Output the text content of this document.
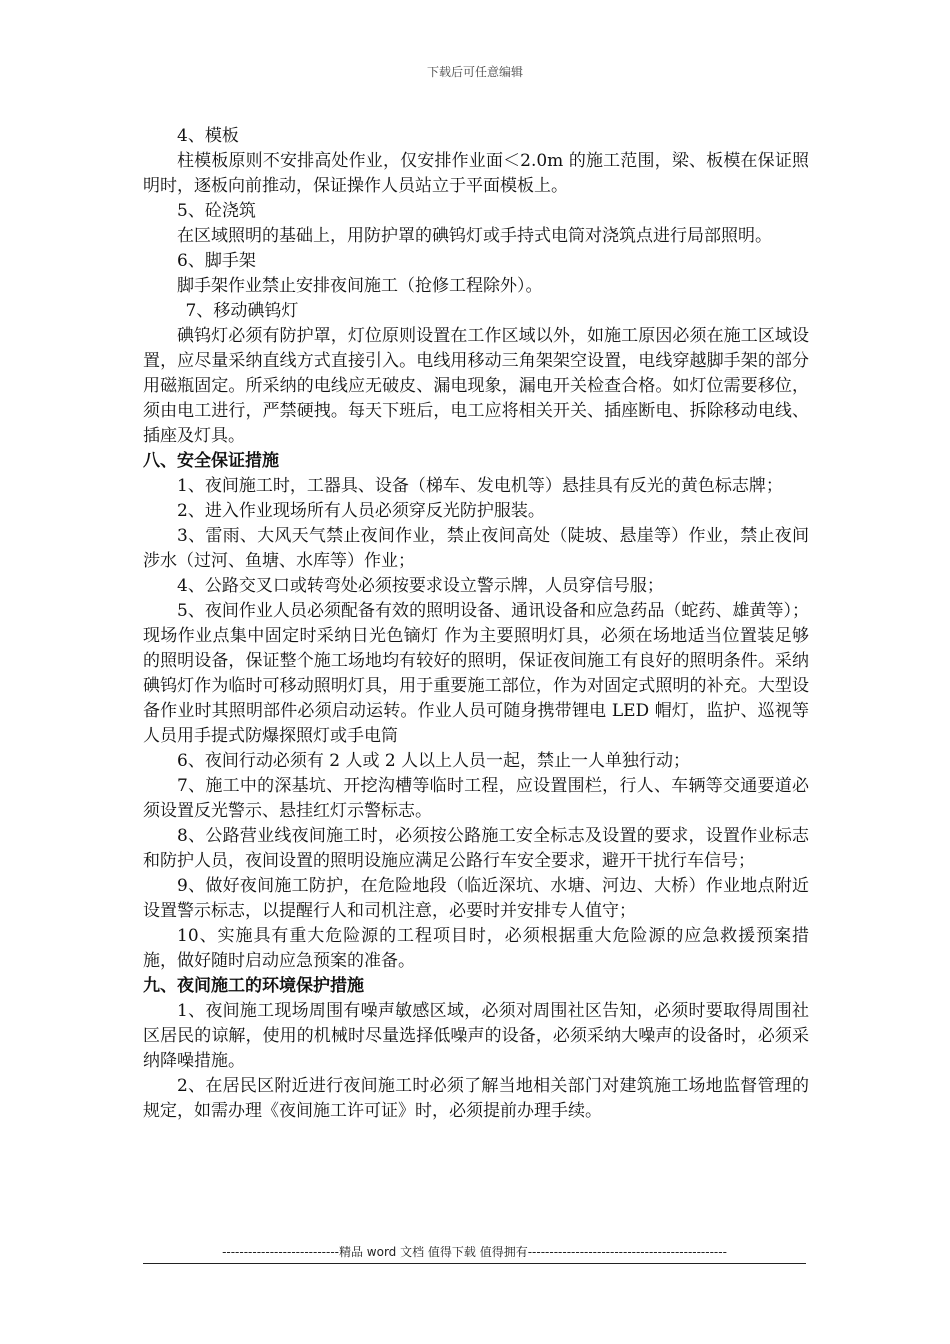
下载后可任意编辑

4、模板

柱模板原则不安排高处作业，仅安排作业面＜2.0m 的施工范围，梁、板模在保证照明时，逐板向前推动，保证操作人员站立于平面模板上。

5、砼浇筑

在区域照明的基础上，用防护罩的碘钨灯或手持式电筒对浇筑点进行局部照明。

6、脚手架

脚手架作业禁止安排夜间施工（抢修工程除外）。

7、移动碘钨灯

碘钨灯必须有防护罩，灯位原则设置在工作区域以外，如施工原因必须在施工区域设置，应尽量采纳直线方式直接引入。电线用移动三角架架空设置，电线穿越脚手架的部分用磁瓶固定。所采纳的电线应无破皮、漏电现象，漏电开关检查合格。如灯位需要移位，须由电工进行，严禁硬拽。每天下班后，电工应将相关开关、插座断电、拆除移动电线、插座及灯具。

八、安全保证措施

1、夜间施工时，工器具、设备（梯车、发电机等）悬挂具有反光的黄色标志牌；

2、进入作业现场所有人员必须穿反光防护服装。

3、雷雨、大风天气禁止夜间作业，禁止夜间高处（陡坡、悬崖等）作业，禁止夜间涉水（过河、鱼塘、水库等）作业；

4、公路交叉口或转弯处必须按要求设立警示牌，人员穿信号服；

5、夜间作业人员必须配备有效的照明设备、通讯设备和应急药品（蛇药、雄黄等）；现场作业点集中固定时采纳日光色镝灯 作为主要照明灯具，必须在场地适当位置装足够的照明设备，保证整个施工场地均有较好的照明，保证夜间施工有良好的照明条件。采纳碘钨灯作为临时可移动照明灯具，用于重要施工部位，作为对固定式照明的补充。大型设备作业时其照明部件必须启动运转。作业人员可随身携带锂电 LED 帽灯，监护、巡视等人员用手提式防爆探照灯或手电筒

6、夜间行动必须有 2 人或 2 人以上人员一起，禁止一人单独行动；

7、施工中的深基坑、开挖沟槽等临时工程，应设置围栏，行人、车辆等交通要道必须设置反光警示、悬挂红灯示警标志。

8、公路营业线夜间施工时，必须按公路施工安全标志及设置的要求，设置作业标志和防护人员，夜间设置的照明设施应满足公路行车安全要求，避开干扰行车信号；

9、做好夜间施工防护，在危险地段（临近深坑、水塘、河边、大桥）作业地点附近设置警示标志，以提醒行人和司机注意，必要时并安排专人值守；

10、实施具有重大危险源的工程项目时，必须根据重大危险源的应急救援预案措施，做好随时启动应急预案的准备。

九、夜间施工的环境保护措施

1、夜间施工现场周围有噪声敏感区域，必须对周围社区告知，必须时要取得周围社区居民的谅解，使用的机械时尽量选择低噪声的设备，必须采纳大噪声的设备时，必须采纳降噪措施。

2、在居民区附近进行夜间施工时必须了解当地相关部门对建筑施工场地监督管理的规定，如需办理《夜间施工许可证》时，必须提前办理手续。

---------------------------精品 word 文档 值得下载 值得拥有----------------------------------------------
